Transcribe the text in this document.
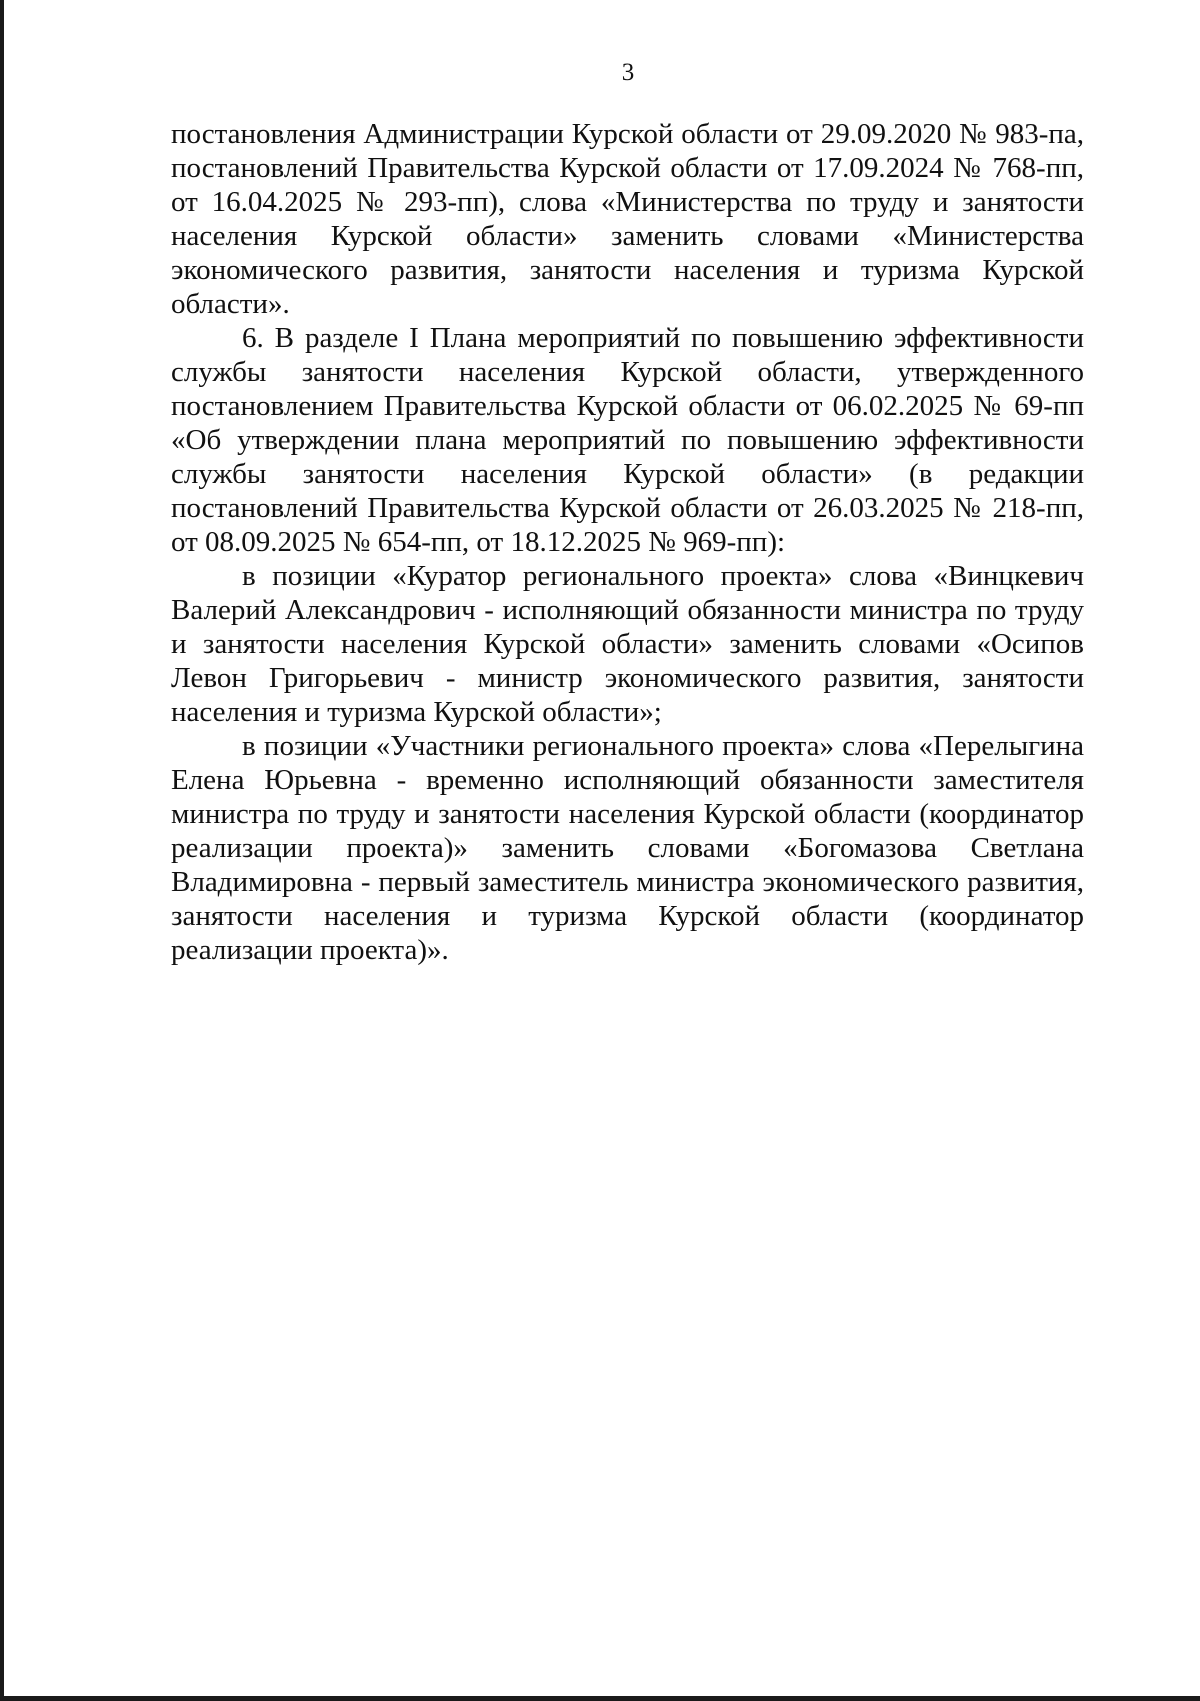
3

постановления Администрации Курской области от 29.09.2020 № 983-па, постановлений Правительства Курской области от 17.09.2024 № 768-пп, от 16.04.2025 № 293-пп), слова «Министерства по труду и занятости населения Курской области» заменить словами «Министерства экономического развития, занятости населения и туризма Курской области».

6. В разделе I Плана мероприятий по повышению эффективности службы занятости населения Курской области, утвержденного постановлением Правительства Курской области от 06.02.2025 № 69-пп «Об утверждении плана мероприятий по повышению эффективности службы занятости населения Курской области» (в редакции постановлений Правительства Курской области от 26.03.2025 № 218-пп, от 08.09.2025 № 654-пп, от 18.12.2025 № 969-пп):

в позиции «Куратор регионального проекта» слова «Винцкевич Валерий Александрович - исполняющий обязанности министра по труду и занятости населения Курской области» заменить словами «Осипов Левон Григорьевич - министр экономического развития, занятости населения и туризма Курской области»;

в позиции «Участники регионального проекта» слова «Перелыгина Елена Юрьевна - временно исполняющий обязанности заместителя министра по труду и занятости населения Курской области (координатор реализации проекта)» заменить словами «Богомазова Светлана Владимировна - первый заместитель министра экономического развития, занятости населения и туризма Курской области (координатор реализации проекта)».
